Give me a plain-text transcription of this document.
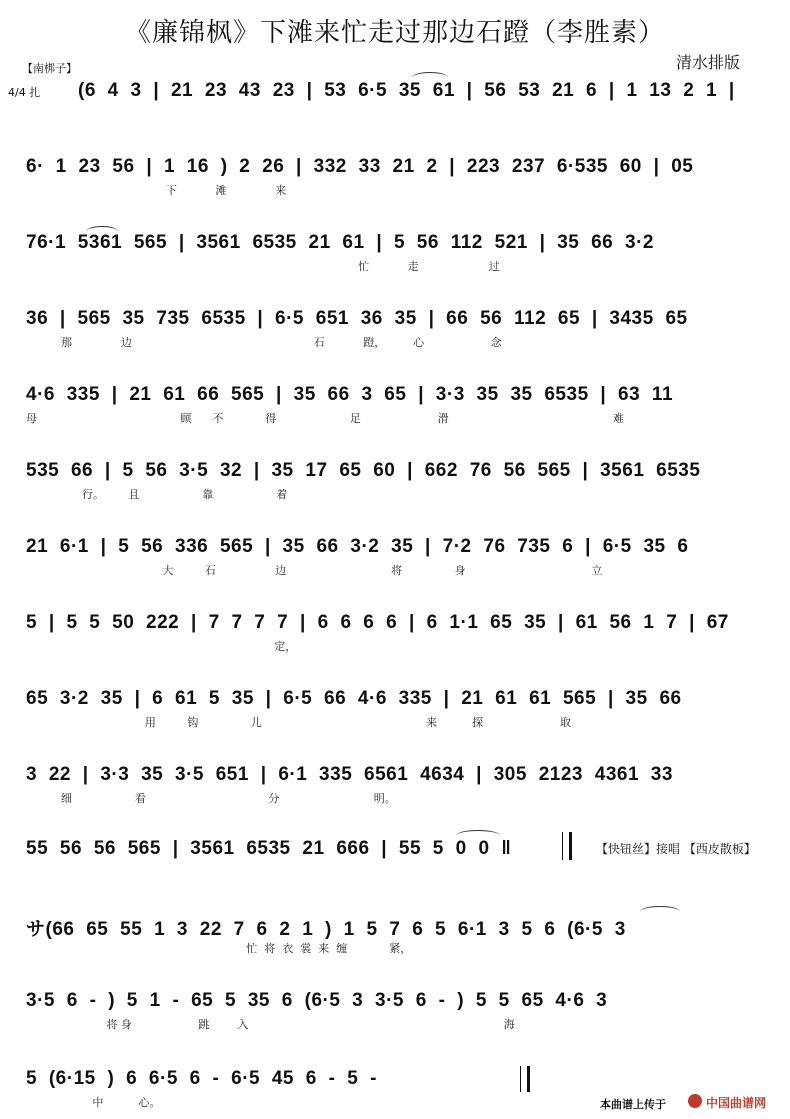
《廉锦枫》下滩来忙走过那边石蹬（李胜素）
【南梆子】	清水排版
4/4 扎 (6 4 3 | 21 23 43 23 | 53 6·5 35 61 | 56 53 21 6 | 1 13 2 1 |
6· 1 23 56 | 1 16 ) 2 26 | 332 33 21 2 | 223 237 6·535 60 | 05
下           滩              来
76·1 5361 565 | 3561 6535 21 61 | 5 56 112 521 | 35 66 3·2
忙           走                    过
36 | 565 35 735 6535 | 6·5 651 36 35 | 66 56 112 65 | 3435 65
那              边                                                    石           蹬，        心                   念
4·6 335 | 21 61 66 565 | 35 66 3 65 | 3·3 35 35 6535 | 63 11
母                                         顾      不            得                     足                      滑                                               难
535 66 | 5 56 3·5 32 | 35 17 65 60 | 662 76 56 565 | 3561 6535
行。       且                  靠                  着
21 6·1 | 5 56 336 565 | 35 66 3·2 35 | 7·2 76 735 6 | 6·5 35 6
大         石                 边                              将               身                                    立
5 | 5 5 50 222 | 7 7 7 7 | 6 6 6 6 | 6 1·1 65 35 | 61 56 1 7 | 67
定，
65 3·2 35 | 6 61 5 35 | 6·5 66 4·6 335 | 21 61 61 565 | 35 66
用         钩               儿                                               来          探                      取
3 22 | 3·3 35 3·5 651 | 6·1 335 6561 4634 | 305 2123 4361 33
细                  看                                   分                           明。
55 56 56 565 | 3561 6535 21 666 | 55 5 0 0 ‖	【快钮丝】接唱 【西皮散板】
サ(66 65 55 1 3 22 7 6 2 1 ) 1 5 7 6 5 6·1 3 5 6 (6·5 3
忙  将  衣  裳  来  缠            紧，
3·5 6 - ) 5 1 - 65 5 35 6 (6·5 3 3·5 6 - ) 5 5 65 4·6 3
将 身                   跳        入                                                                         海
5 (6·15 ) 6 6·5 6 - 6·5 45 6 - 5 -
中          心。	本曲谱上传于	中国曲谱网
